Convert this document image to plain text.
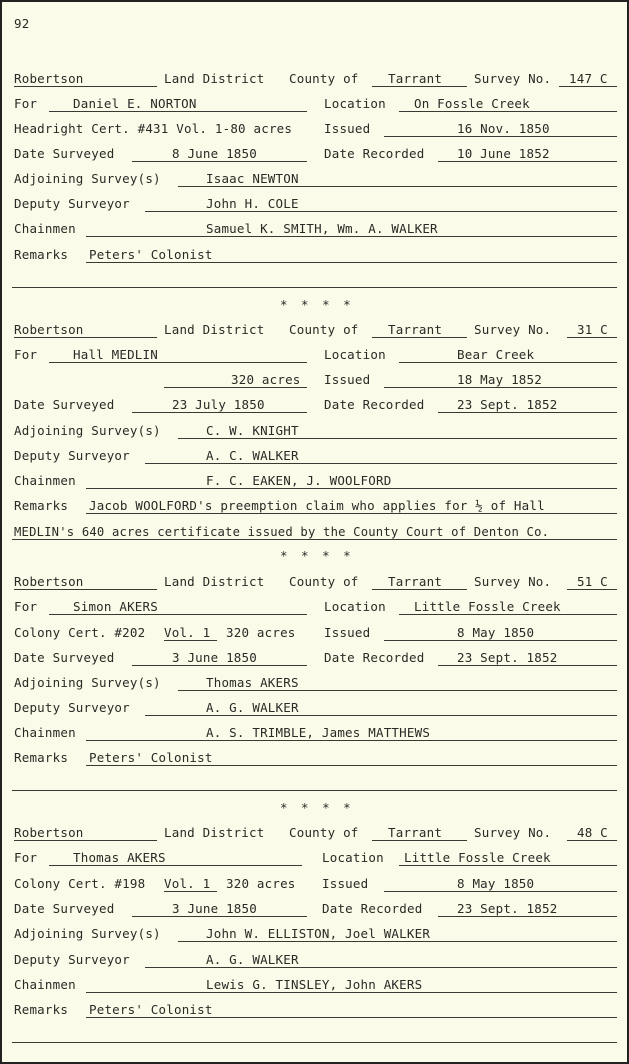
92
Robertson	Land District County of Tarrant	Survey No. 147 C
For	Daniel E. NORTON	Location On Fossle Creek
Headright Cert. #431 Vol. 1-80 acres	Issued	16 Nov. 1850
Date Surveyed	8 June 1850	Date Recorded	10 June 1852
Adjoining Survey(s)	Isaac NEWTON
Deputy Surveyor	John H. COLE
Chainmen	Samuel K. SMITH, Wm. A. WALKER
Remarks Peters' Colonist
* * * *
Robertson	Land District County of Tarrant	Survey No. 31 C
For	Hall MEDLIN	Location	Bear Creek
320 acres Issued	18 May 1852
Date Surveyed	23 July 1850	Date Recorded	23 Sept. 1852
Adjoining Survey(s)	C. W. KNIGHT
Deputy Surveyor	A. C. WALKER
Chainmen	F. C. EAKEN, J. WOOLFORD
Remarks Jacob WOOLFORD's preemption claim who applies for ½ of Hall
MEDLIN's 640 acres certificate issued by the County Court of Denton Co.
* * * *
Robertson	Land District County of Tarrant	Survey No. 51 C
For	Simon AKERS	Location Little Fossle Creek
Colony Cert. #202 Vol. 1 320 acres Issued	8 May 1850
Date Surveyed	3 June 1850	Date Recorded	23 Sept. 1852
Adjoining Survey(s)	Thomas AKERS
Deputy Surveyor	A. G. WALKER
Chainmen	A. S. TRIMBLE, James MATTHEWS
Remarks Peters' Colonist
* * * *
Robertson	Land District County of Tarrant	Survey No. 48 C
For	Thomas AKERS	Location Little Fossle Creek
Colony Cert. #198 Vol. 1 320 acres Issued	8 May 1850
Date Surveyed	3 June 1850	Date Recorded	23 Sept. 1852
Adjoining Survey(s)	John W. ELLISTON, Joel WALKER
Deputy Surveyor	A. G. WALKER
Chainmen	Lewis G. TINSLEY, John AKERS
Remarks Peters' Colonist
